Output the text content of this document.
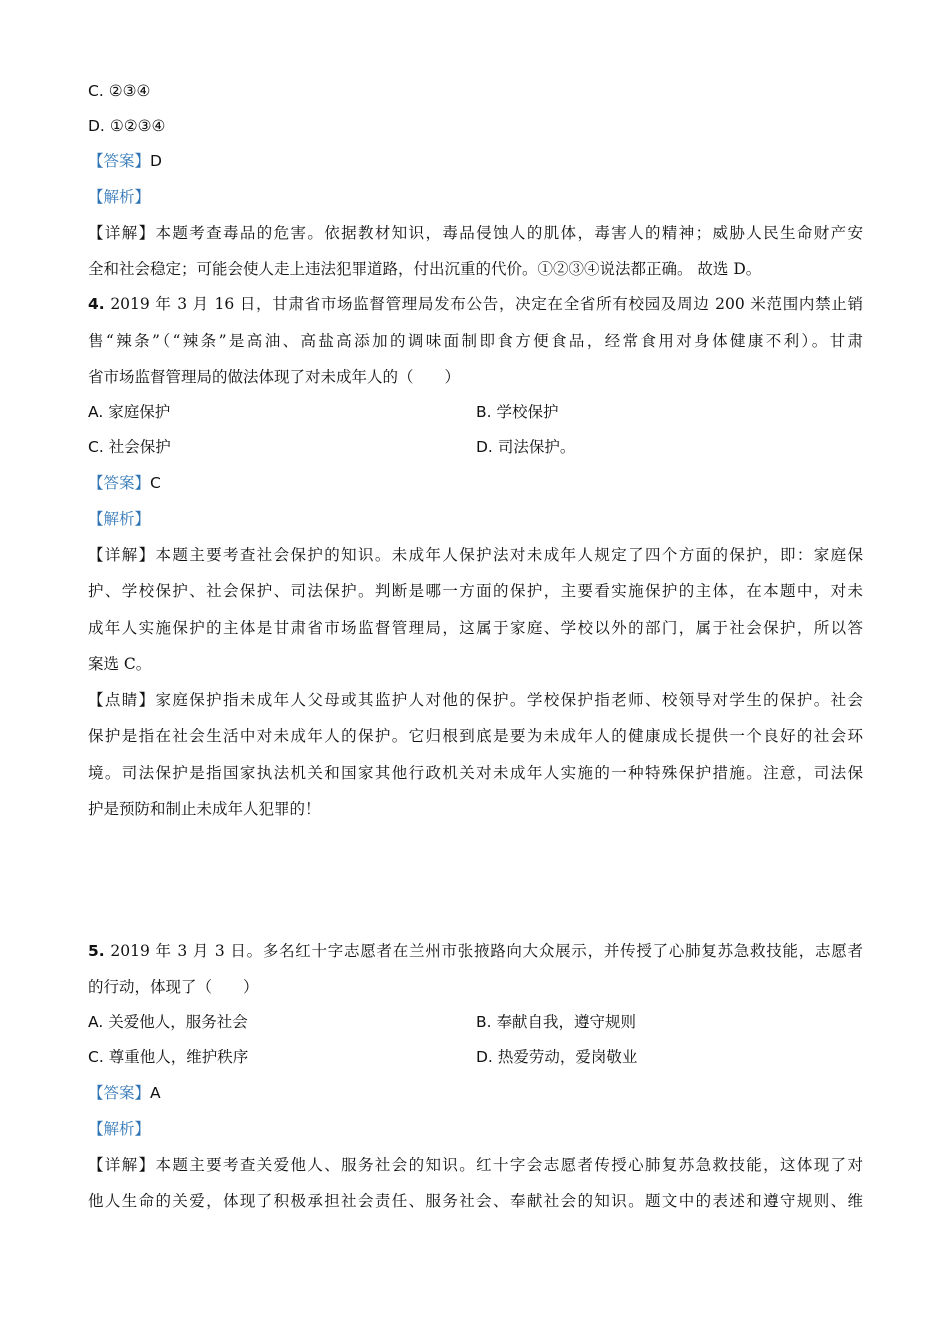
C. ②③④
D. ①②③④
【答案】D
【解析】
【详解】本题考查毒品的危害。依据教材知识，毒品侵蚀人的肌体，毒害人的精神；威胁人民生命财产安
全和社会稳定；可能会使人走上违法犯罪道路，付出沉重的代价。①②③④说法都正确。 故选 D。
4. 2019 年 3 月 16 日，甘肃省市场监督管理局发布公告，决定在全省所有校园及周边 200 米范围内禁止销
售“辣条”（“辣条”是高油、高盐高添加的调味面制即食方便食品，经常食用对身体健康不利）。甘肃
省市场监督管理局的做法体现了对未成年人的（　　）
A. 家庭保护	B. 学校保护
C. 社会保护	D. 司法保护。
【答案】C
【解析】
【详解】本题主要考查社会保护的知识。未成年人保护法对未成年人规定了四个方面的保护，即：家庭保
护、学校保护、社会保护、司法保护。判断是哪一方面的保护，主要看实施保护的主体，在本题中，对未
成年人实施保护的主体是甘肃省市场监督管理局，这属于家庭、学校以外的部门，属于社会保护，所以答
案选 C。
【点睛】家庭保护指未成年人父母或其监护人对他的保护。学校保护指老师、校领导对学生的保护。社会
保护是指在社会生活中对未成年人的保护。它归根到底是要为未成年人的健康成长提供一个良好的社会环
境。司法保护是指国家执法机关和国家其他行政机关对未成年人实施的一种特殊保护措施。注意，司法保
护是预防和制止未成年人犯罪的！
5. 2019 年 3 月 3 日。多名红十字志愿者在兰州市张掖路向大众展示，并传授了心肺复苏急救技能，志愿者
的行动，体现了（　　）
A. 关爱他人，服务社会	B. 奉献自我，遵守规则
C. 尊重他人，维护秩序	D. 热爱劳动，爱岗敬业
【答案】A
【解析】
【详解】本题主要考查关爱他人、服务社会的知识。红十字会志愿者传授心肺复苏急救技能，这体现了对
他人生命的关爱，体现了积极承担社会责任、服务社会、奉献社会的知识。题文中的表述和遵守规则、维
